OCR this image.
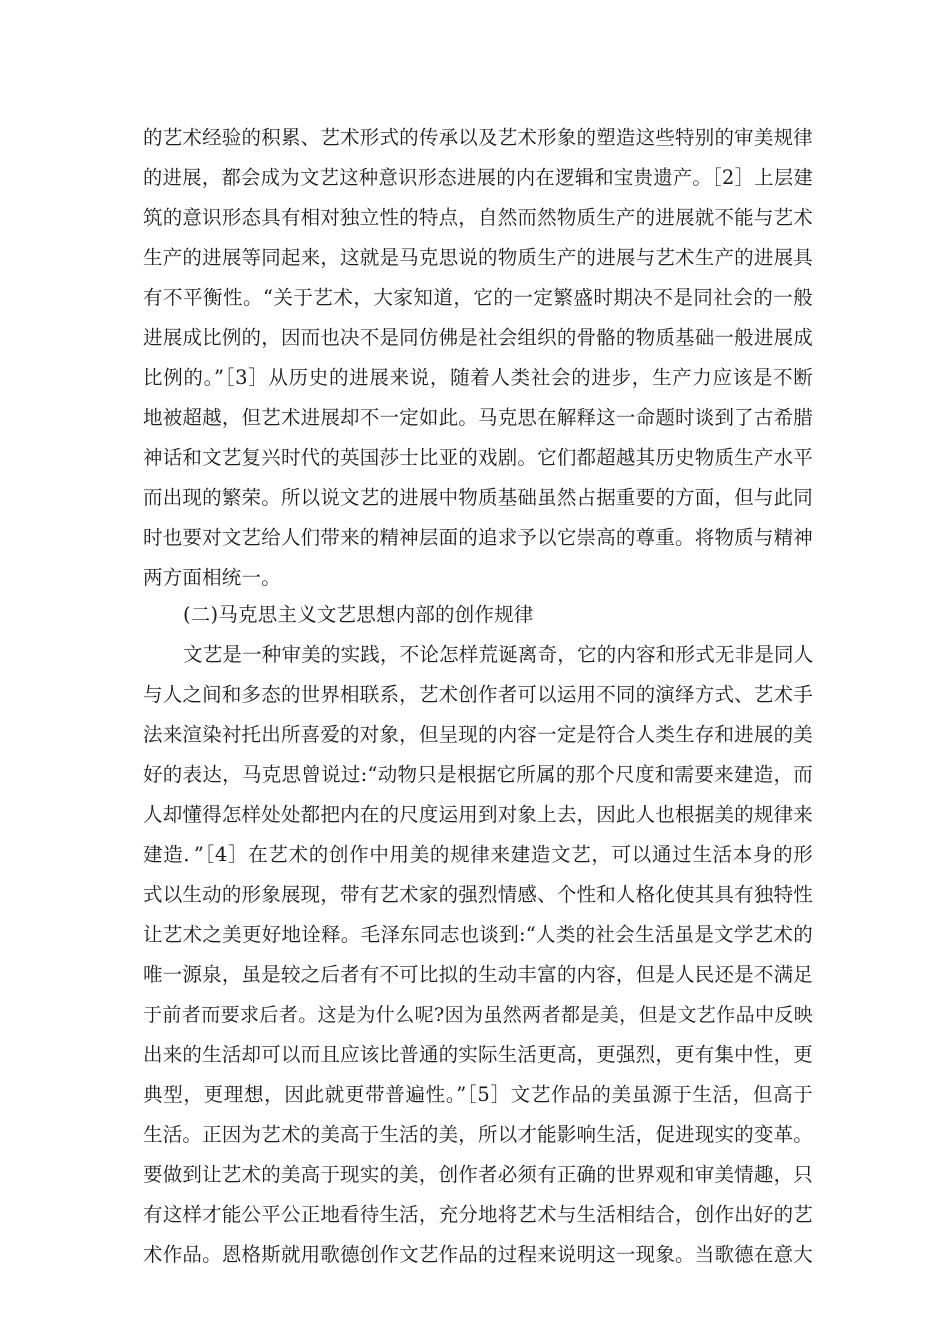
的艺术经验的积累、艺术形式的传承以及艺术形象的塑造这些特别的审美规律
的进展，都会成为文艺这种意识形态进展的内在逻辑和宝贵遗产。［2］上层建
筑的意识形态具有相对独立性的特点，自然而然物质生产的进展就不能与艺术
生产的进展等同起来，这就是马克思说的物质生产的进展与艺术生产的进展具
有不平衡性。“关于艺术，大家知道，它的一定繁盛时期决不是同社会的一般
进展成比例的，因而也决不是同仿佛是社会组织的骨骼的物质基础一般进展成
比例的。”［3］从历史的进展来说，随着人类社会的进步，生产力应该是不断
地被超越，但艺术进展却不一定如此。马克思在解释这一命题时谈到了古希腊
神话和文艺复兴时代的英国莎士比亚的戏剧。它们都超越其历史物质生产水平
而出现的繁荣。所以说文艺的进展中物质基础虽然占据重要的方面，但与此同
时也要对文艺给人们带来的精神层面的追求予以它崇高的尊重。将物质与精神
两方面相统一。
(二)马克思主义文艺思想内部的创作规律
文艺是一种审美的实践，不论怎样荒诞离奇，它的内容和形式无非是同人
与人之间和多态的世界相联系，艺术创作者可以运用不同的演绎方式、艺术手
法来渲染衬托出所喜爱的对象，但呈现的内容一定是符合人类生存和进展的美
好的表达，马克思曾说过:“动物只是根据它所属的那个尺度和需要来建造，而
人却懂得怎样处处都把内在的尺度运用到对象上去，因此人也根据美的规律来
建造．”［4］在艺术的创作中用美的规律来建造文艺，可以通过生活本身的形
式以生动的形象展现，带有艺术家的强烈情感、个性和人格化使其具有独特性
让艺术之美更好地诠释。毛泽东同志也谈到:“人类的社会生活虽是文学艺术的
唯一源泉，虽是较之后者有不可比拟的生动丰富的内容，但是人民还是不满足
于前者而要求后者。这是为什么呢?因为虽然两者都是美，但是文艺作品中反映
出来的生活却可以而且应该比普通的实际生活更高，更强烈，更有集中性，更
典型，更理想，因此就更带普遍性。”［5］文艺作品的美虽源于生活，但高于
生活。正因为艺术的美高于生活的美，所以才能影响生活，促进现实的变革。
要做到让艺术的美高于现实的美，创作者必须有正确的世界观和审美情趣，只
有这样才能公平公正地看待生活，充分地将艺术与生活相结合，创作出好的艺
术作品。恩格斯就用歌德创作文艺作品的过程来说明这一现象。当歌德在意大
